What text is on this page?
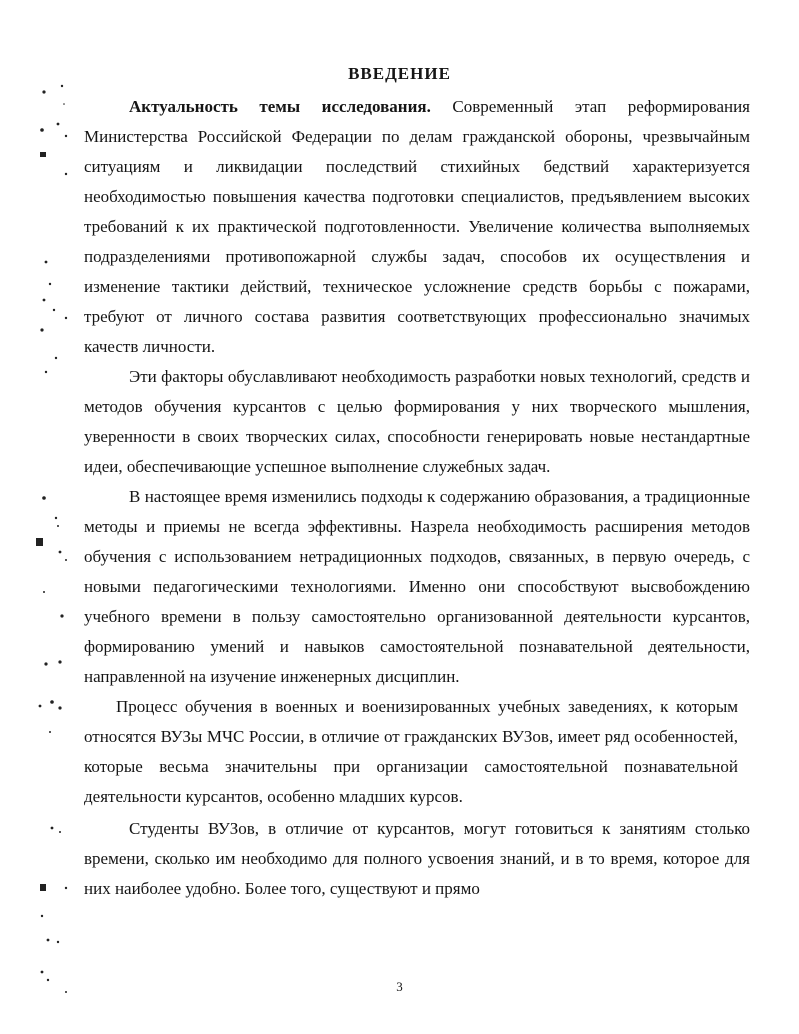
ВВЕДЕНИЕ

Актуальность темы исследования. Современный этап реформирования Министерства Российской Федерации по делам гражданской обороны, чрезвычайным ситуациям и ликвидации последствий стихийных бедствий характеризуется необходимостью повышения качества подготовки специалистов, предъявлением высоких требований к их практической подготовленности. Увеличение количества выполняемых подразделениями противопожарной службы задач, способов их осуществления и изменение тактики действий, техническое усложнение средств борьбы с пожарами, требуют от личного состава развития соответствующих профессионально значимых качеств личности.

Эти факторы обуславливают необходимость разработки новых технологий, средств и методов обучения курсантов с целью формирования у них творческого мышления, уверенности в своих творческих силах, способности генерировать новые нестандартные идеи, обеспечивающие успешное выполнение служебных задач.

В настоящее время изменились подходы к содержанию образования, а традиционные методы и приемы не всегда эффективны. Назрела необходимость расширения методов обучения с использованием нетрадиционных подходов, связанных, в первую очередь, с новыми педагогическими технологиями. Именно они способствуют высвобождению учебного времени в пользу самостоятельно организованной деятельности курсантов, формированию умений и навыков самостоятельной познавательной деятельности, направленной на изучение инженерных дисциплин.

Процесс обучения в военных и военизированных учебных заведениях, к которым относятся ВУЗы МЧС России, в отличие от гражданских ВУЗов, имеет ряд особенностей, которые весьма значительны при организации самостоятельной познавательной деятельности курсантов, особенно младших курсов.

Студенты ВУЗов, в отличие от курсантов, могут готовиться к занятиям столько времени, сколько им необходимо для полного усвоения знаний, и в то время, которое для них наиболее удобно. Более того, существуют и прямо

3
